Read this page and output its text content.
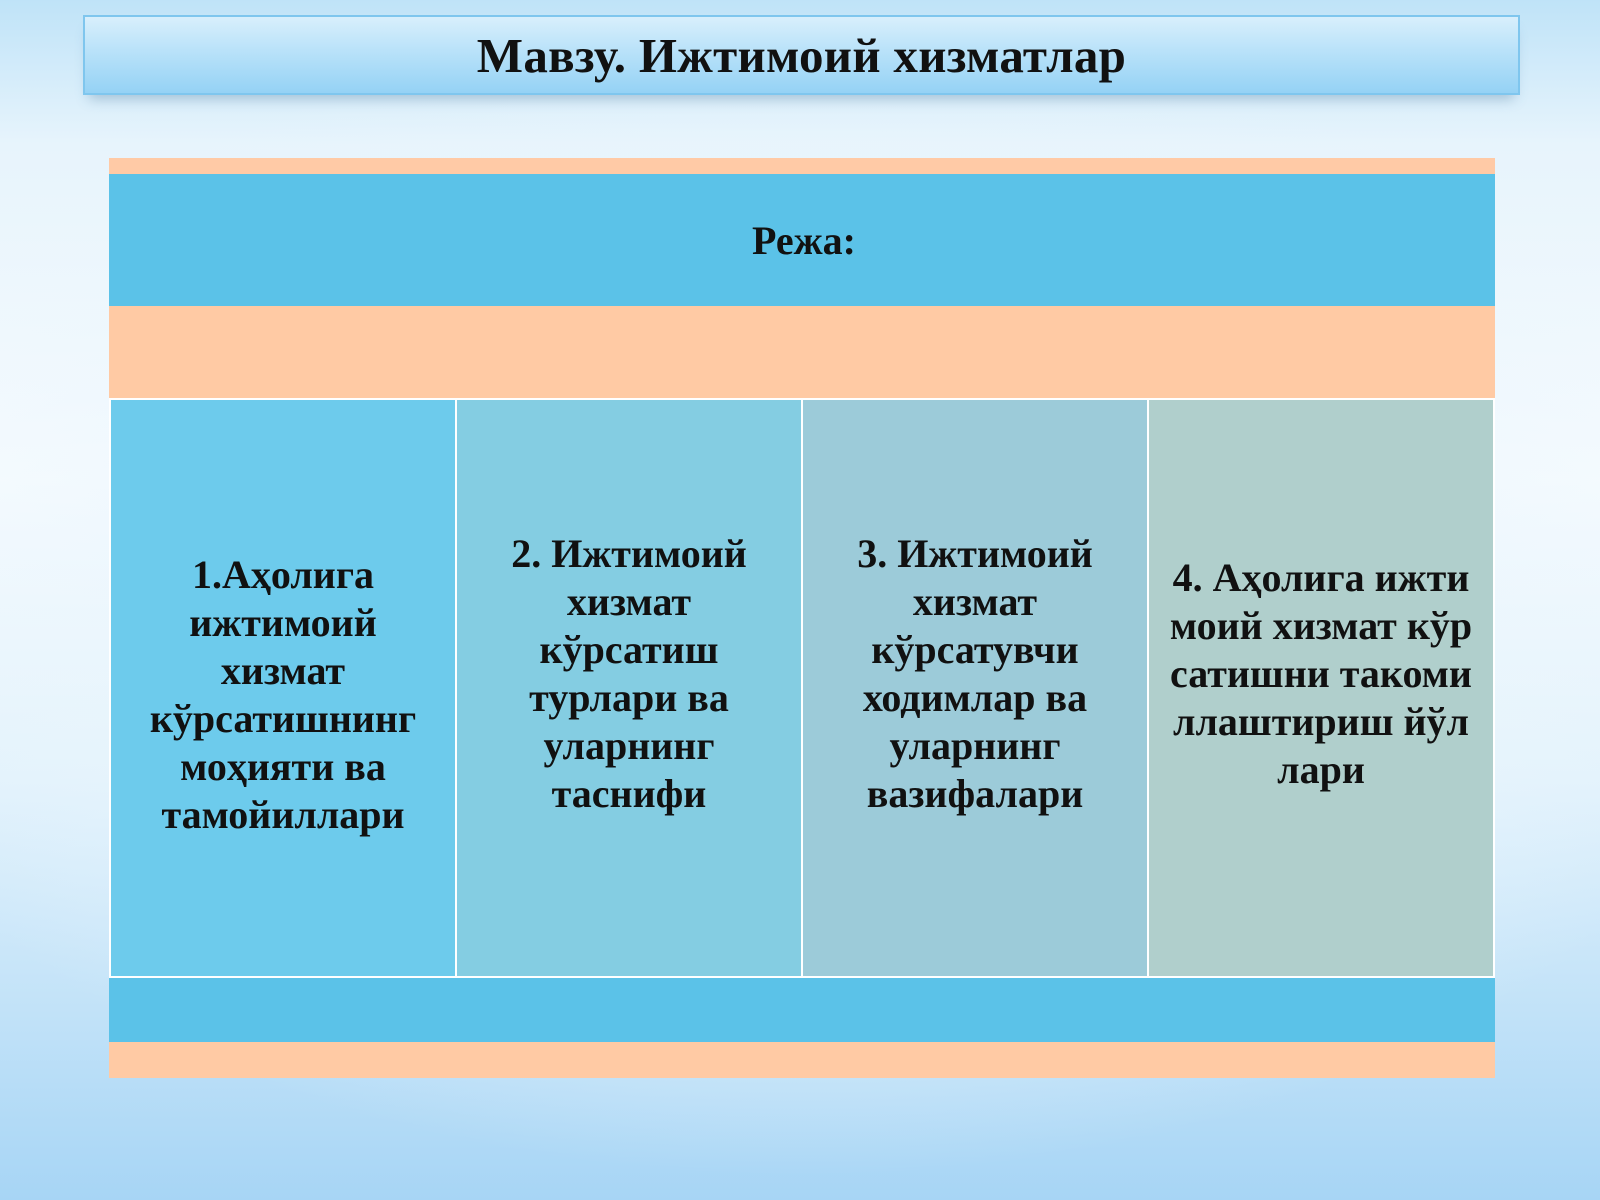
Мавзу. Ижтимоий хизматлар
Режа:
1.Аҳолига ижтимоий хизмат кўрсатишнинг моҳияти ва тамойиллари
2. Ижтимоий хизмат кўрсатиш турлари ва уларнинг таснифи
3. Ижтимоий хизмат кўрсатувчи ходимлар ва уларнинг вазифалари
4. Аҳолига ижтимоий хизмат кўрсатишни такомиллаштириш йўллари
